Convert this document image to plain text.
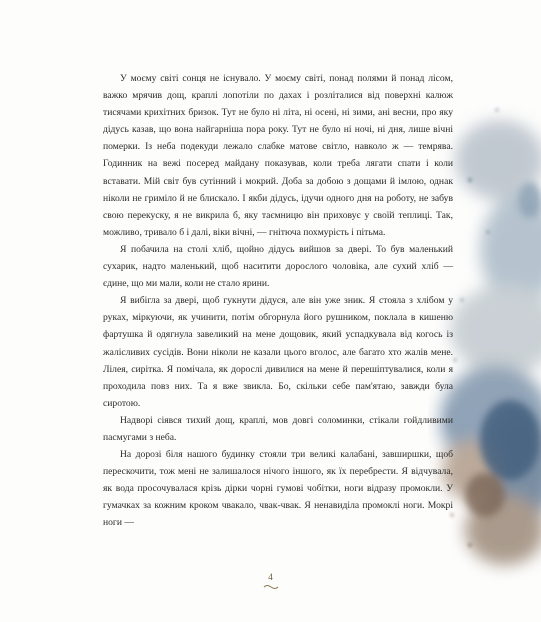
У моєму світі сонця не існувало. У моєму світі, понад полями й понад лісом, важко мрячив дощ, краплі лопотіли по дахах і розліталися від поверхні калюж тисячами крихітних бризок. Тут не було ні літа, ні осені, ні зими, ані весни, про яку дідусь казав, що вона найгарніша пора року. Тут не було ні ночі, ні дня, лише вічні померки. Із неба подекуди лежало слабке матове світло, навколо ж — темрява. Годинник на вежі посеред майдану показував, коли треба лягати спати і коли вставати. Мій світ був сутінний і мокрий. Доба за добою з дощами й імлою, однак ніколи не гриміло й не блискало. І якби дідусь, ідучи одного дня на роботу, не забув свою перекуску, я не викрила б, яку таємницю він приховує у своїй теплиці. Так, можливо, тривало б і далі, віки вічні, — гнітюча похмурість і пітьма.

Я побачила на столі хліб, щойно дідусь вийшов за двері. То був маленький сухарик, надто маленький, щоб наситити дорослого чоловіка, але сухий хліб — єдине, що ми мали, коли не стало ярини.

Я вибігла за двері, щоб гукнути дідуся, але він уже зник. Я стояла з хлібом у руках, міркуючи, як учинити, потім обгорнула його рушником, поклала в кишеню фартушка й одягнула завеликий на мене дощовик, який успадкувала від когось із жалісливих сусідів. Вони ніколи не казали цього вголос, але багато хто жалів мене. Лілея, сирітка. Я помічала, як дорослі дивилися на мене й перешіптувалися, коли я проходила повз них. Та я вже звикла. Бо, скільки себе пам'ятаю, завжди була сиротою.

Надворі сіявся тихий дощ, краплі, мов довгі соломинки, стікали гойдливими пасмугами з неба.

На дорозі біля нашого будинку стояли три великі калабані, завширшки, щоб перескочити, тож мені не залишалося нічого іншого, як їх перебрести. Я відчувала, як вода просочувалася крізь дірки чорні гумові чобітки, ноги відразу промокли. У гумачках за кожним кроком чвакало, чвак-чвак. Я ненавиділа промоклі ноги. Мокрі ноги —

4
